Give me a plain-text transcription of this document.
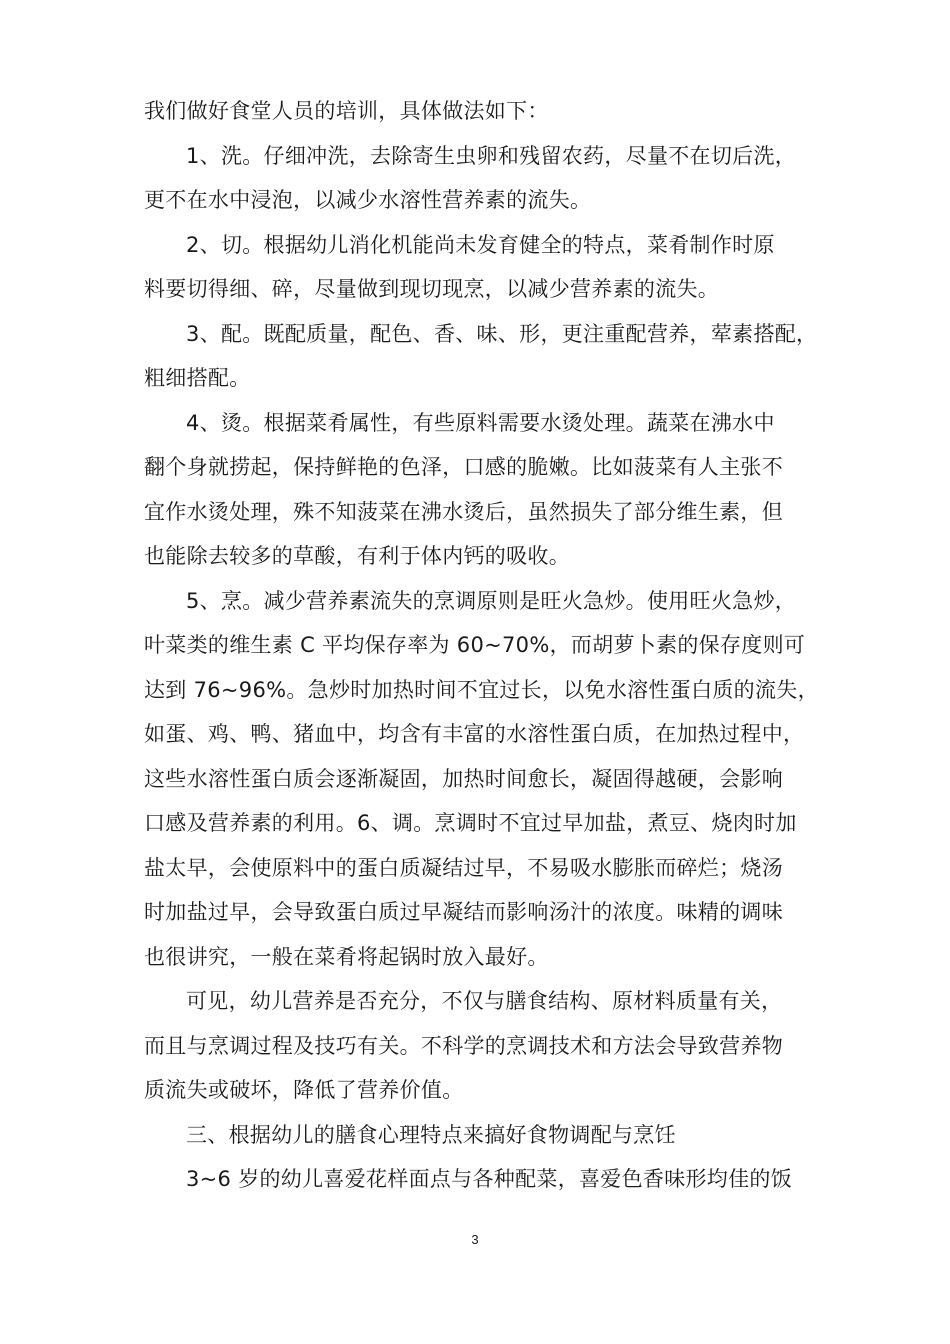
我们做好食堂人员的培训，具体做法如下：
1、洗。仔细冲洗，去除寄生虫卵和残留农药，尽量不在切后洗，
更不在水中浸泡，以减少水溶性营养素的流失。
2、切。根据幼儿消化机能尚未发育健全的特点，菜肴制作时原
料要切得细、碎，尽量做到现切现烹，以减少营养素的流失。
3、配。既配质量，配色、香、味、形，更注重配营养，荤素搭配，
粗细搭配。
4、烫。根据菜肴属性，有些原料需要水烫处理。蔬菜在沸水中
翻个身就捞起，保持鲜艳的色泽，口感的脆嫩。比如菠菜有人主张不
宜作水烫处理，殊不知菠菜在沸水烫后，虽然损失了部分维生素，但
也能除去较多的草酸，有利于体内钙的吸收。
5、烹。减少营养素流失的烹调原则是旺火急炒。使用旺火急炒，
叶菜类的维生素 C 平均保存率为 60~70%，而胡萝卜素的保存度则可
达到 76~96%。急炒时加热时间不宜过长，以免水溶性蛋白质的流失，
如蛋、鸡、鸭、猪血中，均含有丰富的水溶性蛋白质，在加热过程中，
这些水溶性蛋白质会逐渐凝固，加热时间愈长，凝固得越硬，会影响
口感及营养素的利用。6、调。烹调时不宜过早加盐，煮豆、烧肉时加
盐太早，会使原料中的蛋白质凝结过早，不易吸水膨胀而碎烂；烧汤
时加盐过早，会导致蛋白质过早凝结而影响汤汁的浓度。味精的调味
也很讲究，一般在菜肴将起锅时放入最好。
可见，幼儿营养是否充分，不仅与膳食结构、原材料质量有关，
而且与烹调过程及技巧有关。不科学的烹调技术和方法会导致营养物
质流失或破坏，降低了营养价值。
三、根据幼儿的膳食心理特点来搞好食物调配与烹饪
3~6 岁的幼儿喜爱花样面点与各种配菜，喜爱色香味形均佳的饭
3
